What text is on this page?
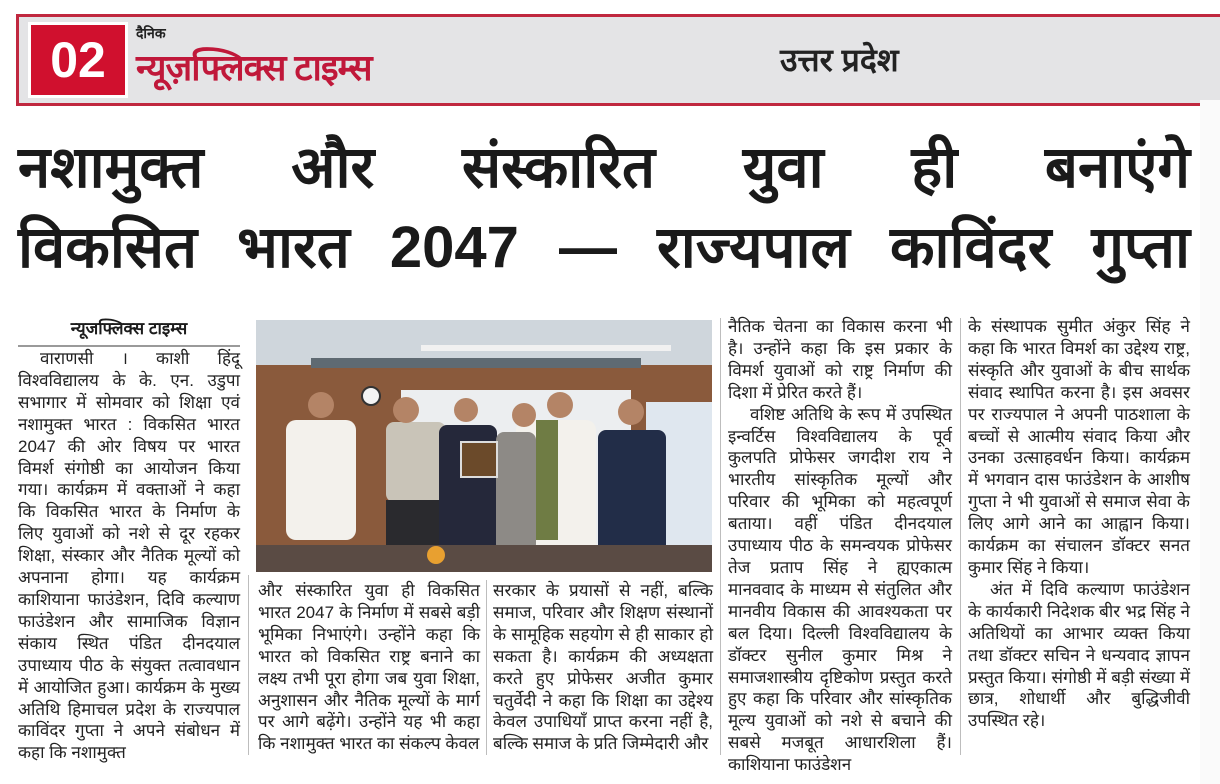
02	दैनिक
न्यूज़फ्लिक्स टाइम्स	उत्तर प्रदेश
नशामुक्त और संस्कारित युवा ही बनाएंगे
विकसित भारत 2047 — राज्यपाल काविंदर गुप्ता
न्यूजफ्लिक्स टाइम्स

वाराणसी । काशी हिंदू विश्वविद्यालय के के. एन. उडुपा सभागार में सोमवार को शिक्षा एवं नशामुक्त भारत : विकसित भारत 2047 की ओर विषय पर भारत विमर्श संगोष्ठी का आयोजन किया गया। कार्यक्रम में वक्ताओं ने कहा कि विकसित भारत के निर्माण के लिए युवाओं को नशे से दूर रहकर शिक्षा, संस्कार और नैतिक मूल्यों को अपनाना होगा। यह कार्यक्रम काशियाना फाउंडेशन, दिवि कल्याण फाउंडेशन और सामाजिक विज्ञान संकाय स्थित पंडित दीनदयाल उपाध्याय पीठ के संयुक्त तत्वावधान में आयोजित हुआ। कार्यक्रम के मुख्य अतिथि हिमाचल प्रदेश के राज्यपाल काविंदर गुप्ता ने अपने संबोधन में कहा कि नशामुक्त

और संस्कारित युवा ही विकसित भारत 2047 के निर्माण में सबसे बड़ी भूमिका निभाएंगे। उन्होंने कहा कि भारत को विकसित राष्ट्र बनाने का लक्ष्य तभी पूरा होगा जब युवा शिक्षा, अनुशासन और नैतिक मूल्यों के मार्ग पर आगे बढ़ेंगे। उन्होंने यह भी कहा कि नशामुक्त भारत का संकल्प केवल

सरकार के प्रयासों से नहीं, बल्कि समाज, परिवार और शिक्षण संस्थानों के सामूहिक सहयोग से ही साकार हो सकता है। कार्यक्रम की अध्यक्षता करते हुए प्रोफेसर अजीत कुमार चतुर्वेदी ने कहा कि शिक्षा का उद्देश्य केवल उपाधियाँ प्राप्त करना नहीं है, बल्कि समाज के प्रति जिम्मेदारी और

नैतिक चेतना का विकास करना भी है। उन्होंने कहा कि इस प्रकार के विमर्श युवाओं को राष्ट्र निर्माण की दिशा में प्रेरित करते हैं।

वशिष्ट अतिथि के रूप में उपस्थित इन्वर्टिस विश्वविद्यालय के पूर्व कुलपति प्रोफेसर जगदीश राय ने भारतीय सांस्कृतिक मूल्यों और परिवार की भूमिका को महत्वपूर्ण बताया। वहीं पंडित दीनदयाल उपाध्याय पीठ के समन्वयक प्रोफेसर तेज प्रताप सिंह ने ह्यएकात्म मानववाद के माध्यम से संतुलित और मानवीय विकास की आवश्यकता पर बल दिया। दिल्ली विश्वविद्यालय के डॉक्टर सुनील कुमार मिश्र ने समाजशास्त्रीय दृष्टिकोण प्रस्तुत करते हुए कहा कि परिवार और सांस्कृतिक मूल्य युवाओं को नशे से बचाने की सबसे मजबूत आधारशिला हैं। काशियाना फाउंडेशन

के संस्थापक सुमीत अंकुर सिंह ने कहा कि भारत विमर्श का उद्देश्य राष्ट्र, संस्कृति और युवाओं के बीच सार्थक संवाद स्थापित करना है। इस अवसर पर राज्यपाल ने अपनी पाठशाला के बच्चों से आत्मीय संवाद किया और उनका उत्साहवर्धन किया। कार्यक्रम में भगवान दास फाउंडेशन के आशीष गुप्ता ने भी युवाओं से समाज सेवा के लिए आगे आने का आह्वान किया। कार्यक्रम का संचालन डॉक्टर सनत कुमार सिंह ने किया।

अंत में दिवि कल्याण फाउंडेशन के कार्यकारी निदेशक बीर भद्र सिंह ने अतिथियों का आभार व्यक्त किया तथा डॉक्टर सचिन ने धन्यवाद ज्ञापन प्रस्तुत किया। संगोष्ठी में बड़ी संख्या में छात्र, शोधार्थी और बुद्धिजीवी उपस्थित रहे।
